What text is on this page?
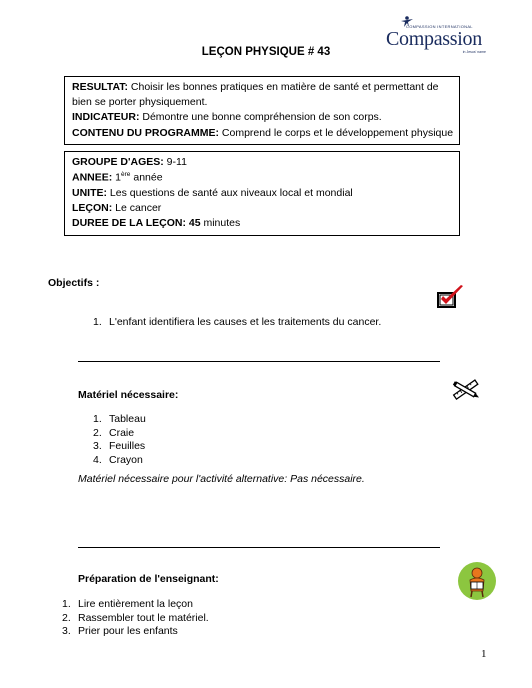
COMPASSION INTERNATIONAL
Compassion
in Jesus' name
LEÇON PHYSIQUE # 43
RESULTAT: Choisir les bonnes pratiques en matière de santé et permettant de bien se porter physiquement.
INDICATEUR: Démontre une bonne compréhension de son corps.
CONTENU DU PROGRAMME: Comprend le corps et le développement physique
GROUPE D'AGES: 9-11
ANNEE: 1ère année
UNITE: Les questions de santé aux niveaux local et mondial
LEÇON: Le cancer
DUREE DE LA LEÇON: 45 minutes
Objectifs :
1. L'enfant identifiera les causes et les traitements du cancer.
Matériel nécessaire:
1. Tableau
2. Craie
3. Feuilles
4. Crayon
Matériel nécessaire pour l'activité alternative: Pas nécessaire.
Préparation de l'enseignant:
1. Lire entièrement la leçon
2. Rassembler tout le matériel.
3. Prier pour les enfants
1
